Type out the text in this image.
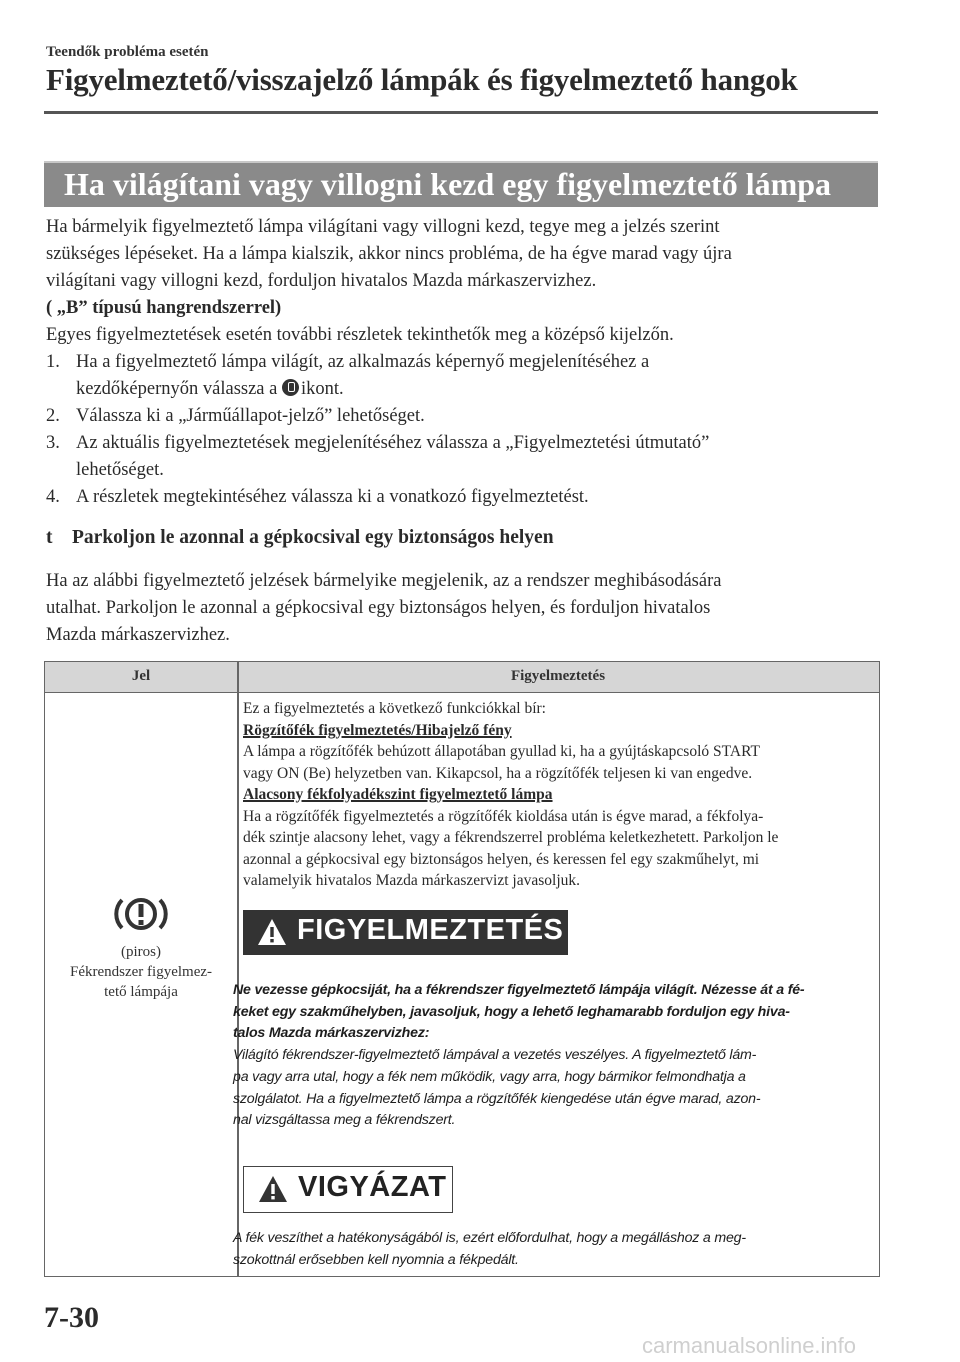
Teendők probléma esetén
Figyelmeztető/visszajelző lámpák és figyelmeztető hangok
Ha világítani vagy villogni kezd egy figyelmeztető lámpa

Ha bármelyik figyelmeztető lámpa világítani vagy villogni kezd, tegye meg a jelzés szerint

szükséges lépéseket. Ha a lámpa kialszik, akkor nincs probléma, de ha égve marad vagy újra

világítani vagy villogni kezd, forduljon hivatalos Mazda márkaszervizhez.

( „B” típusú hangrendszerrel)

Egyes figyelmeztetések esetén további részletek tekinthetők meg a középső kijelzőn.

1. Ha a figyelmeztető lámpa világít, az alkalmazás képernyő megjelenítéséhez a
kezdőképernyőn válassza a ikont.
2. Válassza ki a „Járműállapot-jelző” lehetőséget.
3. Az aktuális figyelmeztetések megjelenítéséhez válassza a „Figyelmeztetési útmutató”
lehetőséget.
4. A részletek megtekintéséhez válassza ki a vonatkozó figyelmeztetést.
t Parkoljon le azonnal a gépkocsival egy biztonságos helyen
Ha az alábbi figyelmeztető jelzések bármelyike megjelenik, az a rendszer meghibásodására
utalhat. Parkoljon le azonnal a gépkocsival egy biztonságos helyen, és forduljon hivatalos
Mazda márkaszervizhez.
Jel	Figyelmeztetés
(piros)
Fékrendszer figyelmez-
tető lámpája

Ez a figyelmeztetés a következő funkciókkal bír:

Rögzítőfék figyelmeztetés/Hibajelző fény

A lámpa a rögzítőfék behúzott állapotában gyullad ki, ha a gyújtáskapcsoló START

vagy ON (Be) helyzetben van. Kikapcsol, ha a rögzítőfék teljesen ki van engedve.

Alacsony fékfolyadékszint figyelmeztető lámpa

Ha a rögzítőfék figyelmeztetés a rögzítőfék kioldása után is égve marad, a fékfolya-

dék szintje alacsony lehet, vagy a fékrendszerrel probléma keletkezhetett. Parkoljon le

azonnal a gépkocsival egy biztonságos helyen, és keressen fel egy szakműhelyt, mi

valamelyik hivatalos Mazda márkaszervizt javasoljuk.

FIGYELMEZTETÉS

Ne vezesse gépkocsiját, ha a fékrendszer figyelmeztető lámpája világít. Nézesse át a fé-

keket egy szakműhelyben, javasoljuk, hogy a lehető leghamarabb forduljon egy hiva-

talos Mazda márkaszervizhez:

Világító fékrendszer-figyelmeztető lámpával a vezetés veszélyes. A figyelmeztető lám-

pa vagy arra utal, hogy a fék nem működik, vagy arra, hogy bármikor felmondhatja a

szolgálatot. Ha a figyelmeztető lámpa a rögzítőfék kiengedése után égve marad, azon-

nal vizsgáltassa meg a fékrendszert.

VIGYÁZAT
A fék veszíthet a hatékonyságából is, ezért előfordulhat, hogy a megálláshoz a meg-
szokottnál erősebben kell nyomnia a fékpedált.
7-30
carmanualsonline.info
